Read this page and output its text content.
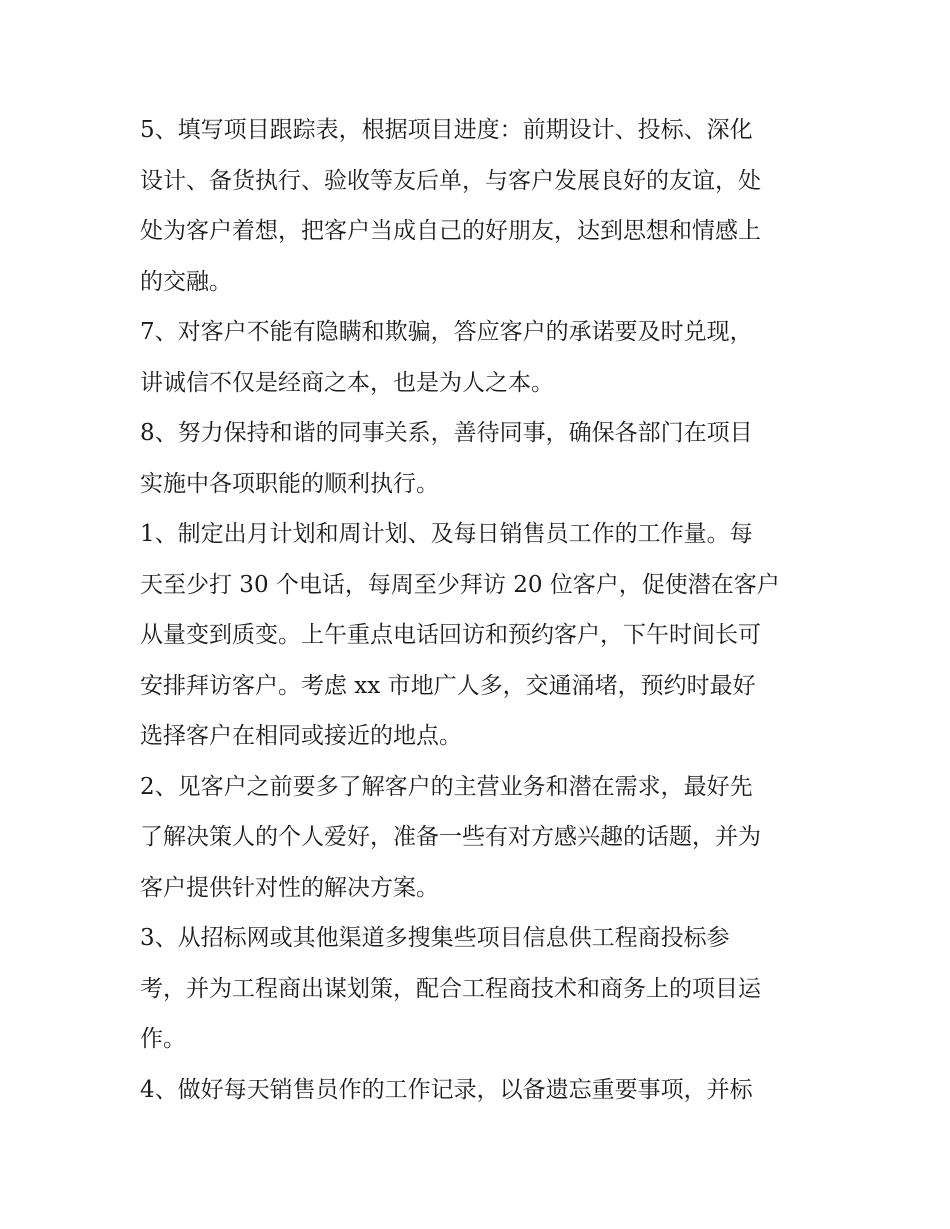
5、填写项目跟踪表，根据项目进度：前期设计、投标、深化
设计、备货执行、验收等友后单，与客户发展良好的友谊，处
处为客户着想，把客户当成自己的好朋友，达到思想和情感上
的交融。
7、对客户不能有隐瞒和欺骗，答应客户的承诺要及时兑现，
讲诚信不仅是经商之本，也是为人之本。
8、努力保持和谐的同事关系，善待同事，确保各部门在项目
实施中各项职能的顺利执行。
1、制定出月计划和周计划、及每日销售员工作的工作量。每
天至少打 30 个电话，每周至少拜访 20 位客户，促使潜在客户
从量变到质变。上午重点电话回访和预约客户，下午时间长可
安排拜访客户。考虑 xx 市地广人多，交通涌堵，预约时最好
选择客户在相同或接近的地点。
2、见客户之前要多了解客户的主营业务和潜在需求，最好先
了解决策人的个人爱好，准备一些有对方感兴趣的话题，并为
客户提供针对性的解决方案。
3、从招标网或其他渠道多搜集些项目信息供工程商投标参
考，并为工程商出谋划策，配合工程商技术和商务上的项目运
作。
4、做好每天销售员作的工作记录，以备遗忘重要事项，并标
